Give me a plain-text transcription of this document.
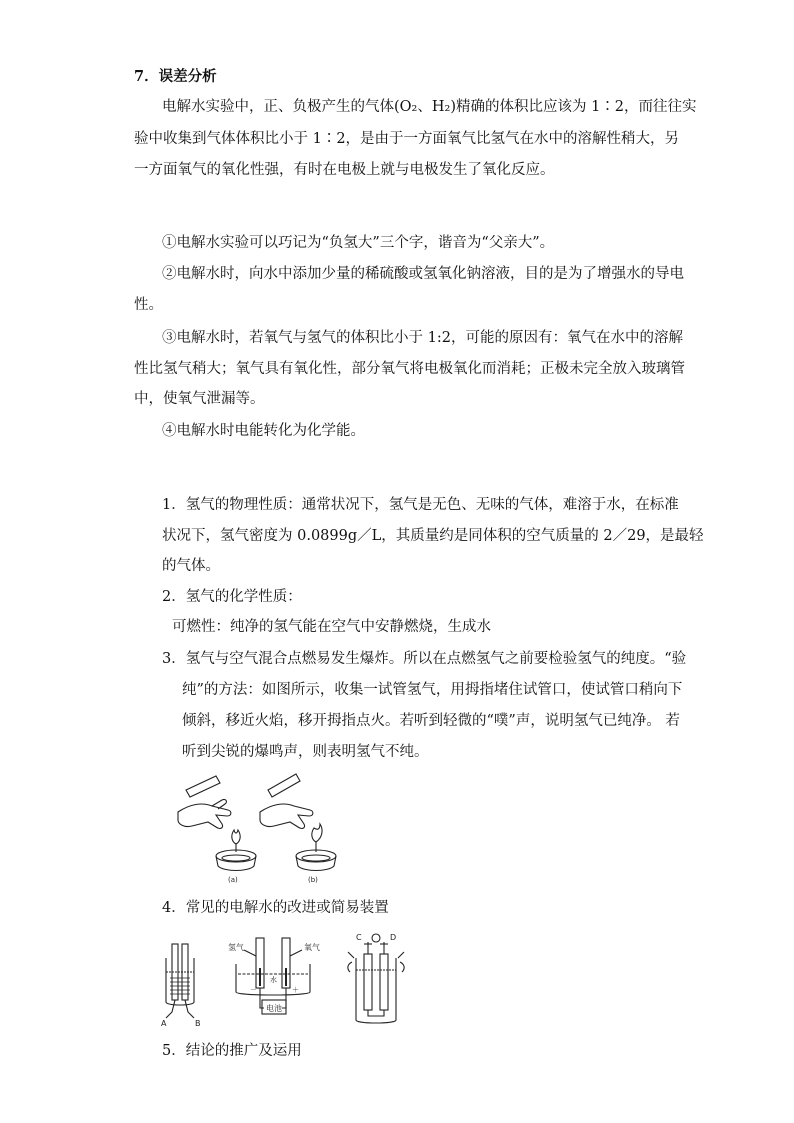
7．误差分析
电解水实验中，正、负极产生的气体(O₂、H₂)精确的体积比应该为 1∶2，而往往实
验中收集到气体体积比小于 1∶2，是由于一方面氧气比氢气在水中的溶解性稍大，另
一方面氧气的氧化性强，有时在电极上就与电极发生了氧化反应。
①电解水实验可以巧记为“负氢大”三个字，谐音为“父亲大”。
②电解水时，向水中添加少量的稀硫酸或氢氧化钠溶液，目的是为了增强水的导电
性。
③电解水时，若氧气与氢气的体积比小于 1:2，可能的原因有：氧气在水中的溶解
性比氢气稍大；氧气具有氧化性，部分氧气将电极氧化而消耗；正极未完全放入玻璃管
中，使氧气泄漏等。
④电解水时电能转化为化学能。
1．氢气的物理性质：通常状况下，氢气是无色、无味的气体，难溶于水，在标准
状况下，氢气密度为 0.0899g／L，其质量约是同体积的空气质量的 2／29，是最轻
的气体。
2．氢气的化学性质：
可燃性：纯净的氢气能在空气中安静燃烧，生成水
3．氢气与空气混合点燃易发生爆炸。所以在点燃氢气之前要检验氢气的纯度。“验
纯”的方法：如图所示，收集一试管氢气，用拇指堵住试管口，使试管口稍向下
倾斜，移近火焰，移开拇指点火。若听到轻微的“噗”声，说明氢气已纯净。 若
听到尖锐的爆鸣声，则表明氢气不纯。
(a)	(b)
4．常见的电解水的改进或简易装置
A	B
氢气	氧气
水
电池
－	＋
C	D
5．结论的推广及运用
